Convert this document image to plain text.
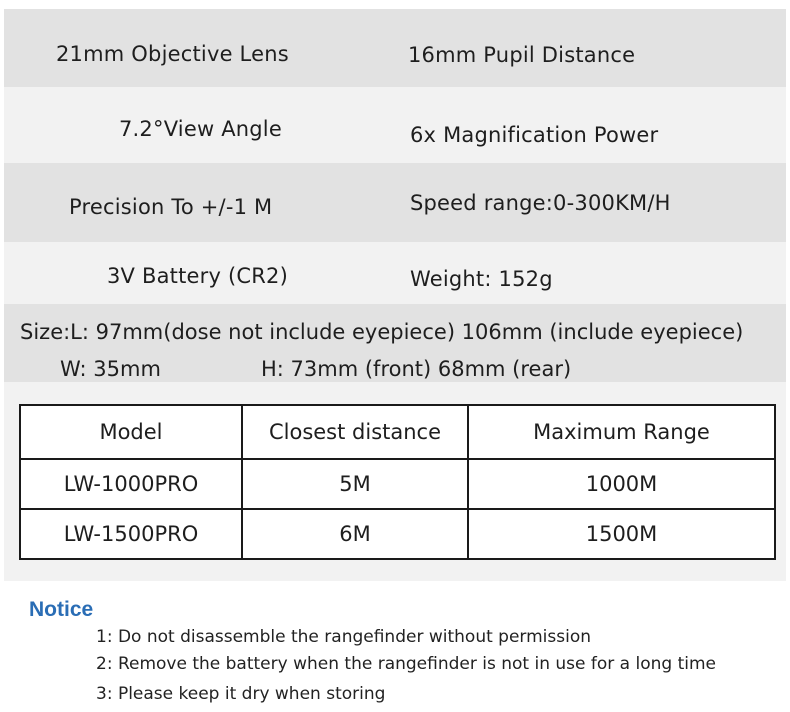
21mm Objective Lens	16mm Pupil Distance
7.2°View Angle	6x Magnification Power
Precision To +/-1 M	Speed range:0-300KM/H
3V Battery (CR2)	Weight: 152g
Size:L: 97mm(dose not include eyepiece) 106mm (include eyepiece)
W: 35mm	H: 73mm (front) 68mm (rear)
Model	Closest distance	Maximum Range
LW-1000PRO	5M	1000M
LW-1500PRO	6M	1500M
Notice
1: Do not disassemble the rangefinder without permission
2: Remove the battery when the rangefinder is not in use for a long time
3: Please keep it dry when storing
